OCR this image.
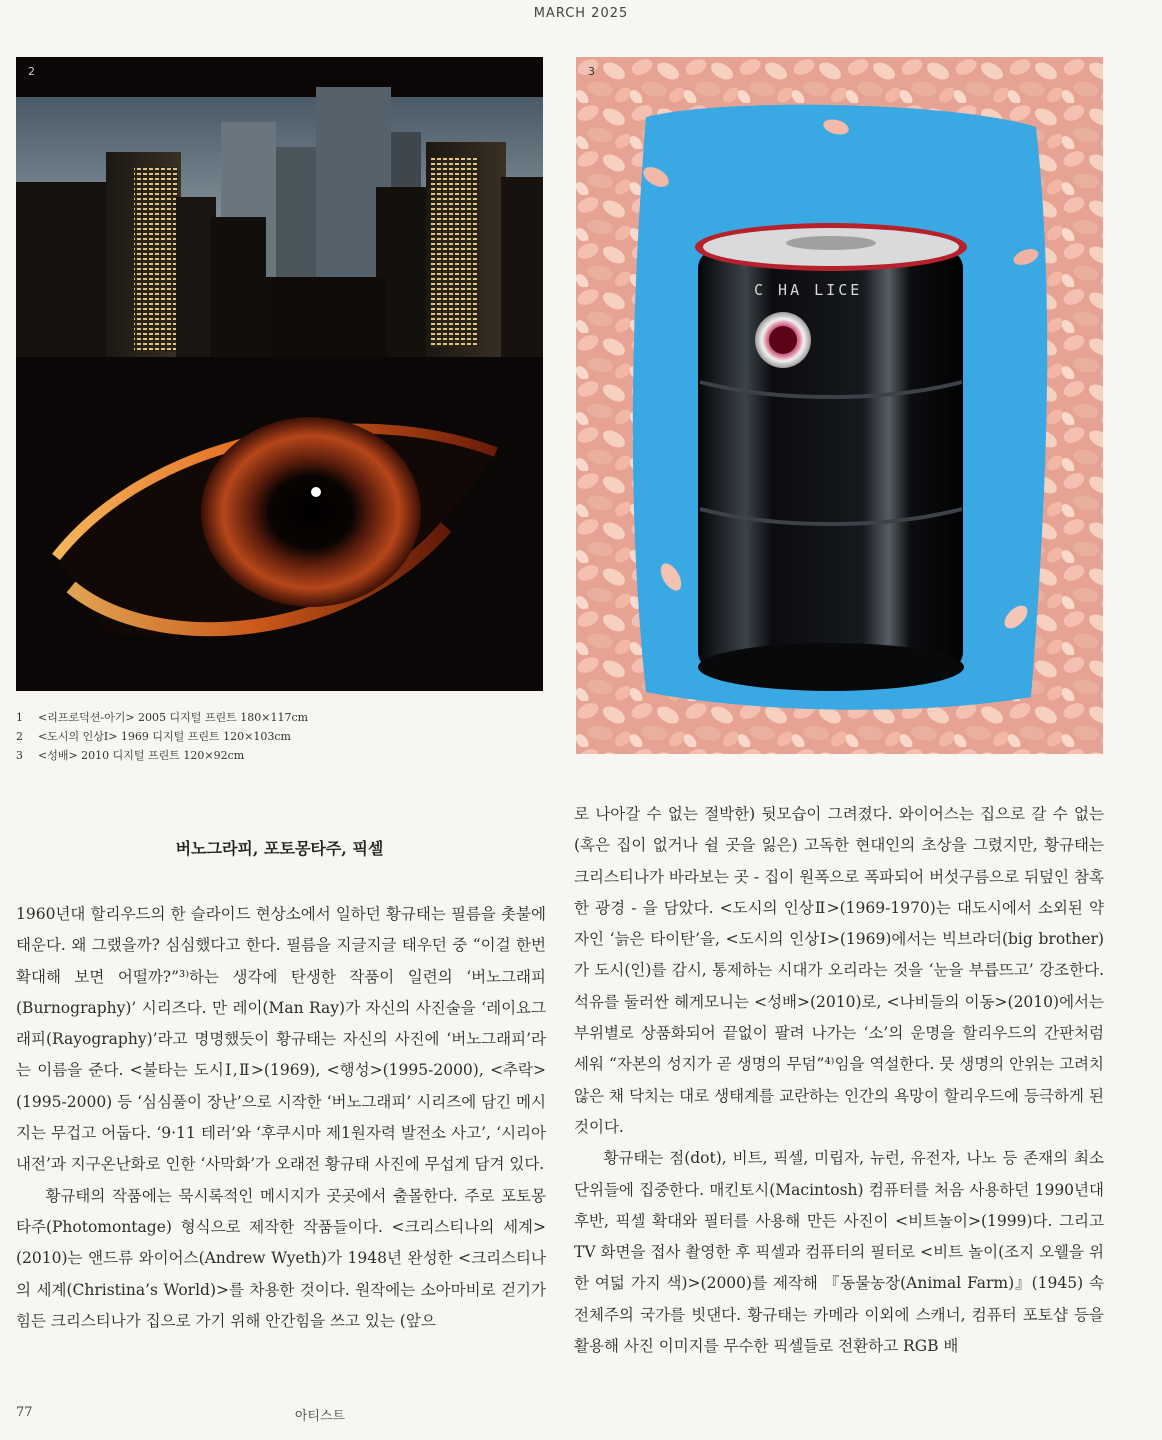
MARCH 2025
2	3
C HA LICE
1 <리프로덕션-아기> 2005 디지털 프린트 180×117cm
2 <도시의 인상Ⅰ> 1969 디지털 프린트 120×103cm
3 <성배> 2010 디지털 프린트 120×92cm
버노그라피, 포토몽타주, 픽셀

1960년대 할리우드의 한 슬라이드 현상소에서 일하던 황규태는 필름을 촛불에 태운다. 왜 그랬을까? 심심했다고 한다. 필름을 지글지글 태우던 중 “이걸 한번 확대해 보면 어떨까?”³⁾하는 생각에 탄생한 작품이 일련의 ‘버노그래피(Burnography)’ 시리즈다. 만 레이(Man Ray)가 자신의 사진술을 ‘레이요그래피(Rayography)’라고 명명했듯이 황규태는 자신의 사진에 ‘버노그래피’라는 이름을 준다. <불타는 도시Ⅰ,Ⅱ>(1969), <행성>(1995-2000), <추락>(1995-2000) 등 ‘심심풀이 장난’으로 시작한 ‘버노그래피’ 시리즈에 담긴 메시지는 무겁고 어둡다. ‘9·11 테러’와 ‘후쿠시마 제1원자력 발전소 사고’, ‘시리아 내전’과 지구온난화로 인한 ‘사막화’가 오래전 황규태 사진에 무섭게 담겨 있다.

황규태의 작품에는 묵시록적인 메시지가 곳곳에서 출몰한다. 주로 포토몽타주(Photomontage) 형식으로 제작한 작품들이다. <크리스티나의 세계>(2010)는 앤드류 와이어스(Andrew Wyeth)가 1948년 완성한 <크리스티나의 세계(Christina’s World)>를 차용한 것이다. 원작에는 소아마비로 걷기가 힘든 크리스티나가 집으로 가기 위해 안간힘을 쓰고 있는 (앞으

로 나아갈 수 없는 절박한) 뒷모습이 그려졌다. 와이어스는 집으로 갈 수 없는 (혹은 집이 없거나 쉴 곳을 잃은) 고독한 현대인의 초상을 그렸지만, 황규태는 크리스티나가 바라보는 곳 - 집이 원폭으로 폭파되어 버섯구름으로 뒤덮인 참혹한 광경 - 을 담았다. <도시의 인상Ⅱ>(1969-1970)는 대도시에서 소외된 약자인 ‘늙은 타이탄’을, <도시의 인상Ⅰ>(1969)에서는 빅브라더(big brother)가 도시(인)를 감시, 통제하는 시대가 오리라는 것을 ‘눈을 부릅뜨고’ 강조한다. 석유를 둘러싼 헤게모니는 <성배>(2010)로, <나비들의 이동>(2010)에서는 부위별로 상품화되어 끝없이 팔려 나가는 ‘소’의 운명을 할리우드의 간판처럼 세워 “자본의 성지가 곧 생명의 무덤”⁴⁾임을 역설한다. 뭇 생명의 안위는 고려치 않은 채 닥치는 대로 생태계를 교란하는 인간의 욕망이 할리우드에 등극하게 된 것이다.

황규태는 점(dot), 비트, 픽셀, 미립자, 뉴런, 유전자, 나노 등 존재의 최소 단위들에 집중한다. 매킨토시(Macintosh) 컴퓨터를 처음 사용하던 1990년대 후반, 픽셀 확대와 필터를 사용해 만든 사진이 <비트놀이>(1999)다. 그리고 TV 화면을 접사 촬영한 후 픽셀과 컴퓨터의 필터로 <비트 놀이(조지 오웰을 위한 여덟 가지 색)>(2000)를 제작해 『동물농장(Animal Farm)』(1945) 속 전체주의 국가를 빗댄다. 황규태는 카메라 이외에 스캐너, 컴퓨터 포토샵 등을 활용해 사진 이미지를 무수한 픽셀들로 전환하고 RGB 배

77	아티스트
